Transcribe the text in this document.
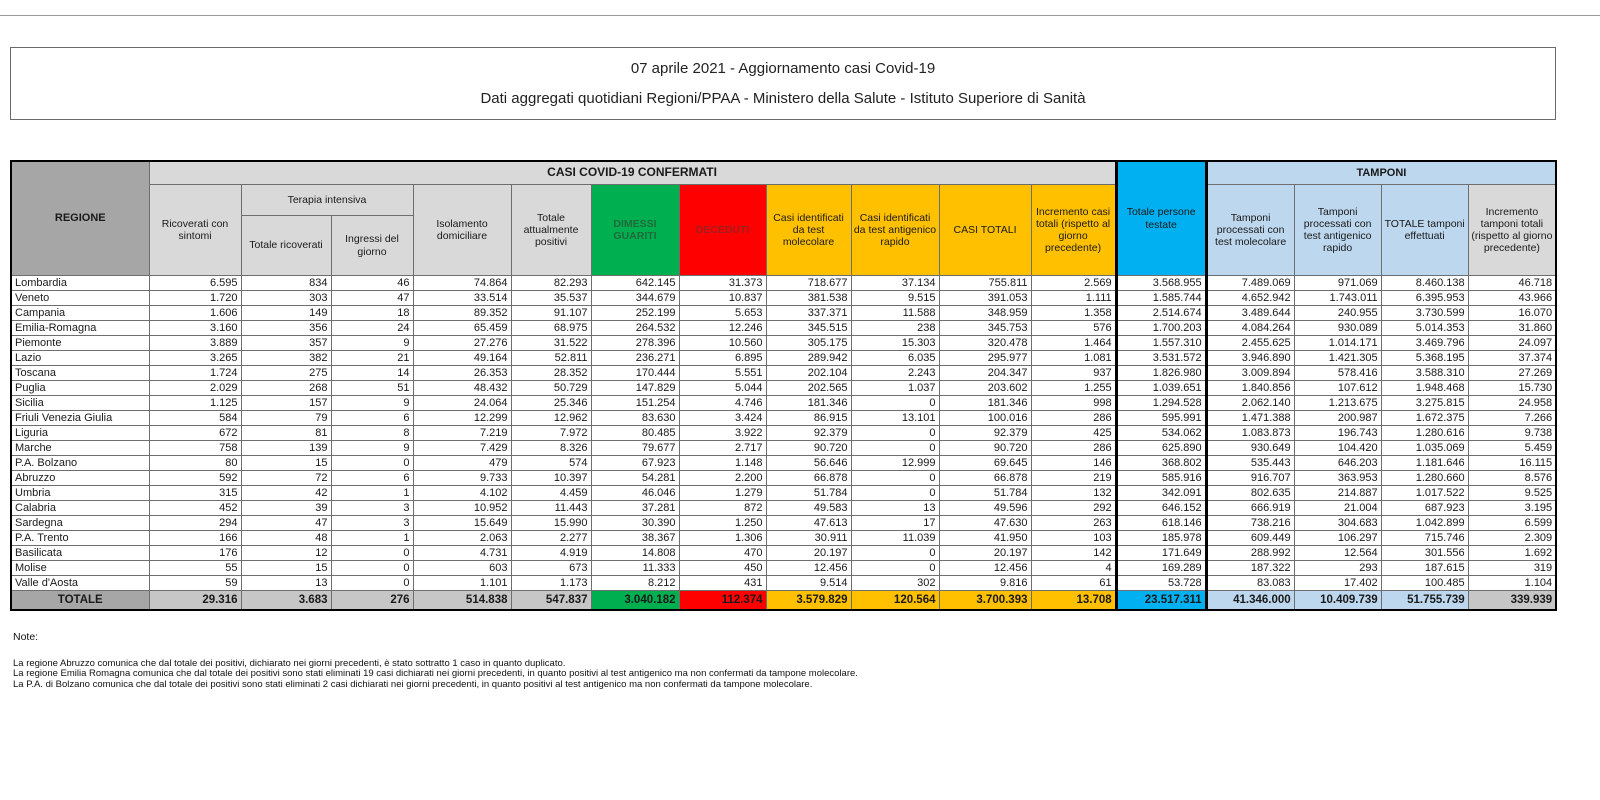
07 aprile 2021 - Aggiornamento casi Covid-19
Dati aggregati quotidiani Regioni/PPAA - Ministero della Salute - Istituto Superiore di Sanità
REGIONE	CASI COVID-19 CONFERMATI											Totale persone testate	TAMPONI			
	Ricoverati con sintomi	Terapia intensiva		Isolamento domiciliare	Totale attualmente positivi	DIMESSI GUARITI	DECEDUTI	Casi identificati da test molecolare	Casi identificati da test antigenico rapido	CASI TOTALI	Incremento casi totali (rispetto al giorno precedente)		Tamponi processati con test molecolare	Tamponi processati con test antigenico rapido	TOTALE tamponi effettuati	Incremento tamponi totali (rispetto al giorno precedente)
		Totale ricoverati	Ingressi del giorno													
Lombardia	6.595	834	46	74.864	82.293	642.145	31.373	718.677	37.134	755.811	2.569	3.568.955	7.489.069	971.069	8.460.138	46.718
Veneto	1.720	303	47	33.514	35.537	344.679	10.837	381.538	9.515	391.053	1.111	1.585.744	4.652.942	1.743.011	6.395.953	43.966
Campania	1.606	149	18	89.352	91.107	252.199	5.653	337.371	11.588	348.959	1.358	2.514.674	3.489.644	240.955	3.730.599	16.070
Emilia-Romagna	3.160	356	24	65.459	68.975	264.532	12.246	345.515	238	345.753	576	1.700.203	4.084.264	930.089	5.014.353	31.860
Piemonte	3.889	357	9	27.276	31.522	278.396	10.560	305.175	15.303	320.478	1.464	1.557.310	2.455.625	1.014.171	3.469.796	24.097
Lazio	3.265	382	21	49.164	52.811	236.271	6.895	289.942	6.035	295.977	1.081	3.531.572	3.946.890	1.421.305	5.368.195	37.374
Toscana	1.724	275	14	26.353	28.352	170.444	5.551	202.104	2.243	204.347	937	1.826.980	3.009.894	578.416	3.588.310	27.269
Puglia	2.029	268	51	48.432	50.729	147.829	5.044	202.565	1.037	203.602	1.255	1.039.651	1.840.856	107.612	1.948.468	15.730
Sicilia	1.125	157	9	24.064	25.346	151.254	4.746	181.346	0	181.346	998	1.294.528	2.062.140	1.213.675	3.275.815	24.958
Friuli Venezia Giulia	584	79	6	12.299	12.962	83.630	3.424	86.915	13.101	100.016	286	595.991	1.471.388	200.987	1.672.375	7.266
Liguria	672	81	8	7.219	7.972	80.485	3.922	92.379	0	92.379	425	534.062	1.083.873	196.743	1.280.616	9.738
Marche	758	139	9	7.429	8.326	79.677	2.717	90.720	0	90.720	286	625.890	930.649	104.420	1.035.069	5.459
P.A. Bolzano	80	15	0	479	574	67.923	1.148	56.646	12.999	69.645	146	368.802	535.443	646.203	1.181.646	16.115
Abruzzo	592	72	6	9.733	10.397	54.281	2.200	66.878	0	66.878	219	585.916	916.707	363.953	1.280.660	8.576
Umbria	315	42	1	4.102	4.459	46.046	1.279	51.784	0	51.784	132	342.091	802.635	214.887	1.017.522	9.525
Calabria	452	39	3	10.952	11.443	37.281	872	49.583	13	49.596	292	646.152	666.919	21.004	687.923	3.195
Sardegna	294	47	3	15.649	15.990	30.390	1.250	47.613	17	47.630	263	618.146	738.216	304.683	1.042.899	6.599
P.A. Trento	166	48	1	2.063	2.277	38.367	1.306	30.911	11.039	41.950	103	185.978	609.449	106.297	715.746	2.309
Basilicata	176	12	0	4.731	4.919	14.808	470	20.197	0	20.197	142	171.649	288.992	12.564	301.556	1.692
Molise	55	15	0	603	673	11.333	450	12.456	0	12.456	4	169.289	187.322	293	187.615	319
Valle d'Aosta	59	13	0	1.101	1.173	8.212	431	9.514	302	9.816	61	53.728	83.083	17.402	100.485	1.104
TOTALE	29.316	3.683	276	514.838	547.837	3.040.182	112.374	3.579.829	120.564	3.700.393	13.708	23.517.311	41.346.000	10.409.739	51.755.739	339.939
Note:
La regione Abruzzo comunica che dal totale dei positivi, dichiarato nei giorni precedenti, è stato sottratto 1 caso in quanto duplicato.
La regione Emilia Romagna comunica che dal totale dei positivi sono stati eliminati 19 casi dichiarati nei giorni precedenti, in quanto positivi al test antigenico ma non confermati da tampone molecolare.
La P.A. di Bolzano comunica che dal totale dei positivi sono stati eliminati 2 casi dichiarati nei giorni precedenti, in quanto positivi al test antigenico ma non confermati da tampone molecolare.
